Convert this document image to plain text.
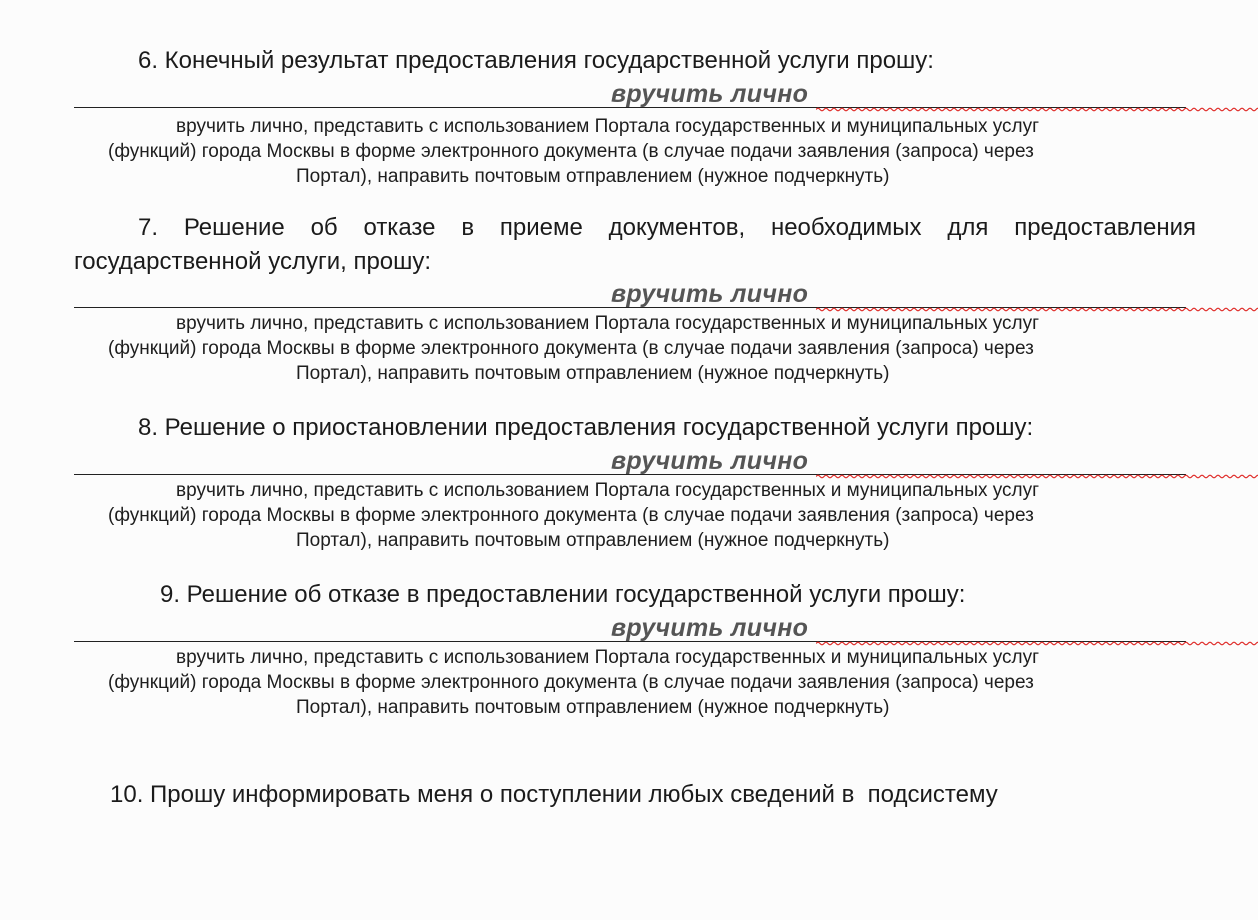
6. Конечный результат предоставления государственной услуги прошу:
вручить лично
вручить лично, представить с использованием Портала государственных и муниципальных услуг
(функций) города Москвы в форме электронного документа (в случае подачи заявления (запроса) через
Портал), направить почтовым отправлением (нужное подчеркнуть)
7. Решение об отказе в приеме документов, необходимых для предоставления
государственной услуги, прошу:
вручить лично
вручить лично, представить с использованием Портала государственных и муниципальных услуг
(функций) города Москвы в форме электронного документа (в случае подачи заявления (запроса) через
Портал), направить почтовым отправлением (нужное подчеркнуть)
8. Решение о приостановлении предоставления государственной услуги прошу:
вручить лично
вручить лично, представить с использованием Портала государственных и муниципальных услуг
(функций) города Москвы в форме электронного документа (в случае подачи заявления (запроса) через
Портал), направить почтовым отправлением (нужное подчеркнуть)
9. Решение об отказе в предоставлении государственной услуги прошу:
вручить лично
вручить лично, представить с использованием Портала государственных и муниципальных услуг
(функций) города Москвы в форме электронного документа (в случае подачи заявления (запроса) через
Портал), направить почтовым отправлением (нужное подчеркнуть)
10. Прошу информировать меня о поступлении любых сведений в  подсистему
